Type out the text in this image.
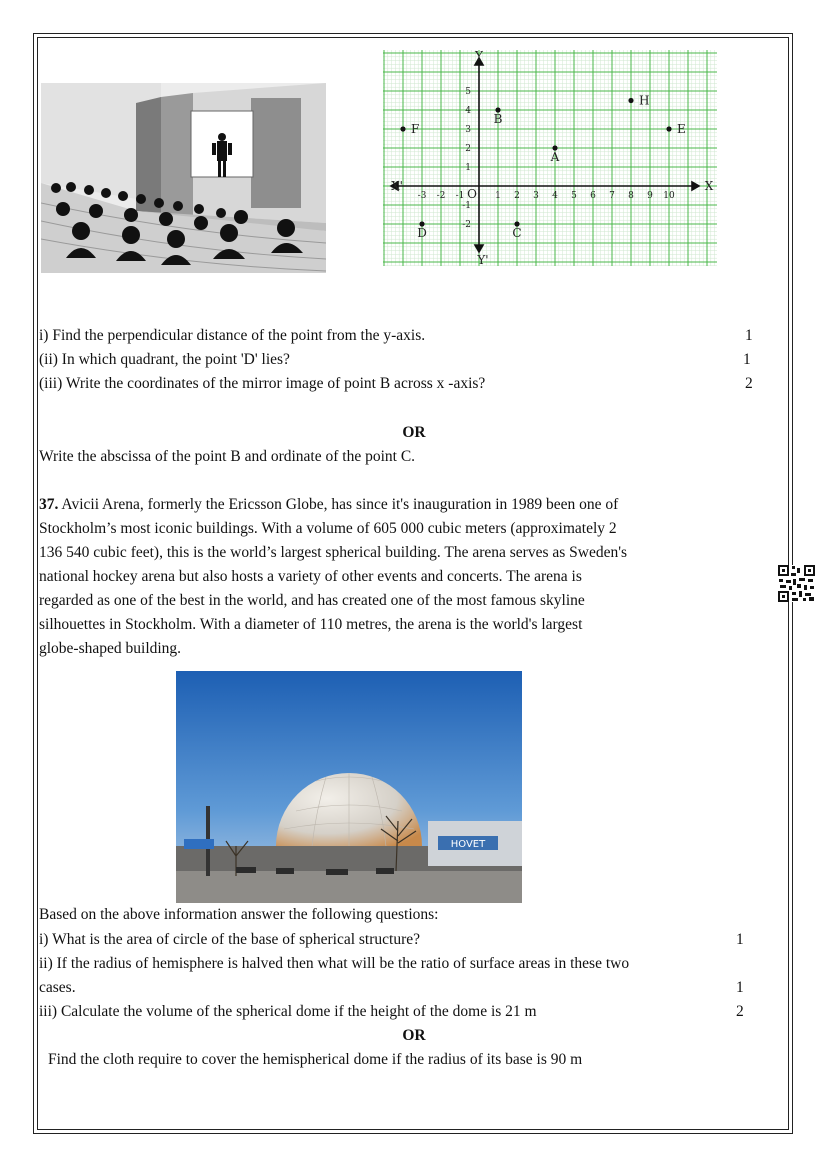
-3 -2 -1	1 2 3 4 5 6 7 8 9 10
5
4
3
2
1
-1
-2
X
X'
Y
Y'
O
F
B
A
H
E
D	C
i) Find the perpendicular distance of the point from the y-axis.	1
(ii) In which quadrant, the point 'D' lies?	1
(iii) Write the coordinates of the mirror image of point B across x -axis?	2
OR
Write the abscissa of the point B and ordinate of the point C.
37. Avicii Arena, formerly the Ericsson Globe, has since it's inauguration in 1989 been one of
Stockholm’s most iconic buildings. With a volume of 605 000 cubic meters (approximately 2
136 540 cubic feet), this is the world’s largest spherical building. The arena serves as Sweden's
national hockey arena but also hosts a variety of other events and concerts. The arena is
regarded as one of the best in the world, and has created one of the most famous skyline
silhouettes in Stockholm. With a diameter of 110 metres, the arena is the world's largest
globe-shaped building.
HOVET
Based on the above information answer the following questions:
i) What is the area of circle of the base of spherical structure?	1
ii) If the radius of hemisphere is halved then what will be the ratio of surface areas in these two
cases.	1
iii) Calculate the volume of the spherical dome if the height of the dome is 21 m	2
OR
Find the cloth require to cover the hemispherical dome if the radius of its base is 90 m
